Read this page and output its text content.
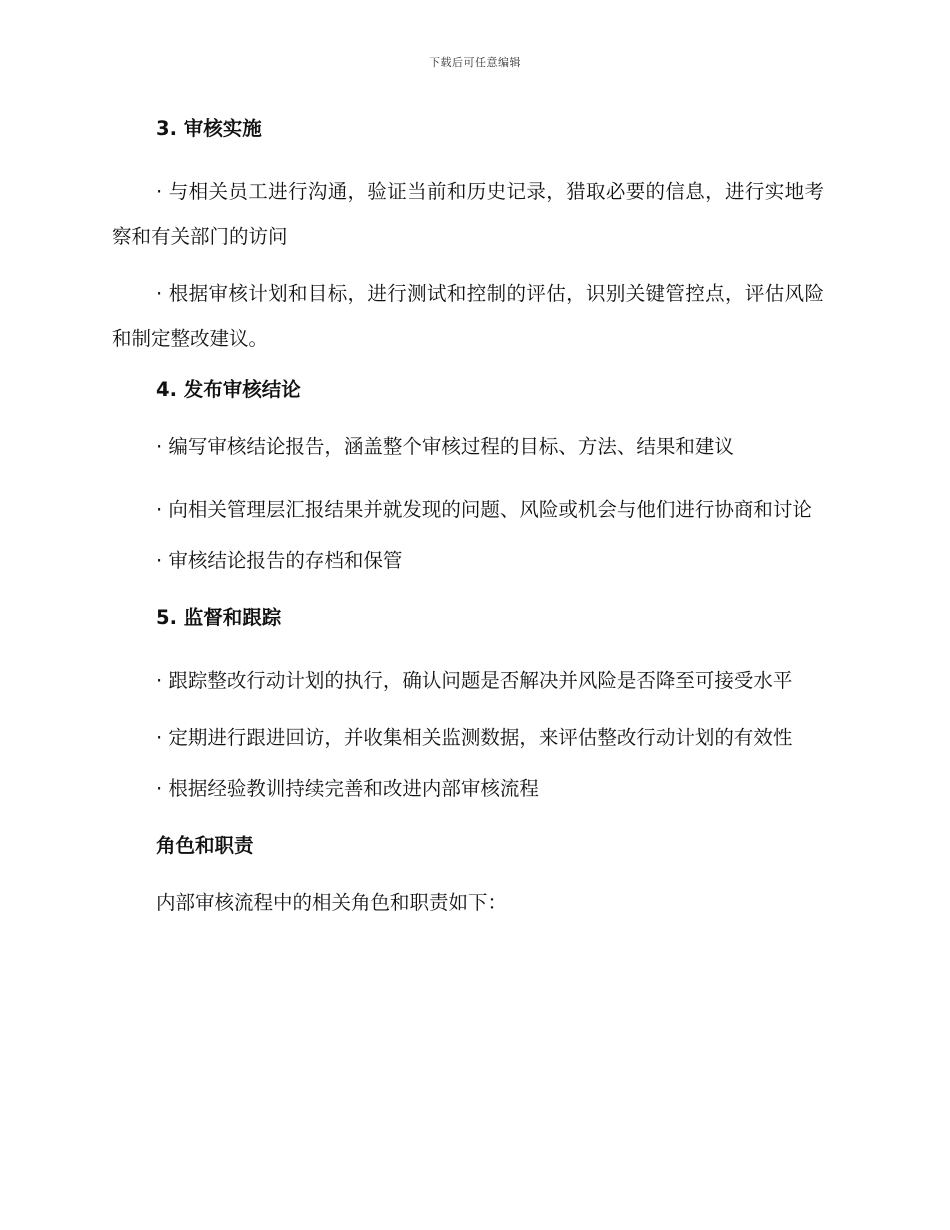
下载后可任意编辑
3. 审核实施
· 与相关员工进行沟通，验证当前和历史记录，猎取必要的信息，进行实地考察和有关部门的访问
· 根据审核计划和目标，进行测试和控制的评估，识别关键管控点，评估风险和制定整改建议。
4. 发布审核结论
· 编写审核结论报告，涵盖整个审核过程的目标、方法、结果和建议
· 向相关管理层汇报结果并就发现的问题、风险或机会与他们进行协商和讨论
· 审核结论报告的存档和保管
5. 监督和跟踪
· 跟踪整改行动计划的执行，确认问题是否解决并风险是否降至可接受水平
· 定期进行跟进回访，并收集相关监测数据，来评估整改行动计划的有效性
· 根据经验教训持续完善和改进内部审核流程
角色和职责
内部审核流程中的相关角色和职责如下：
